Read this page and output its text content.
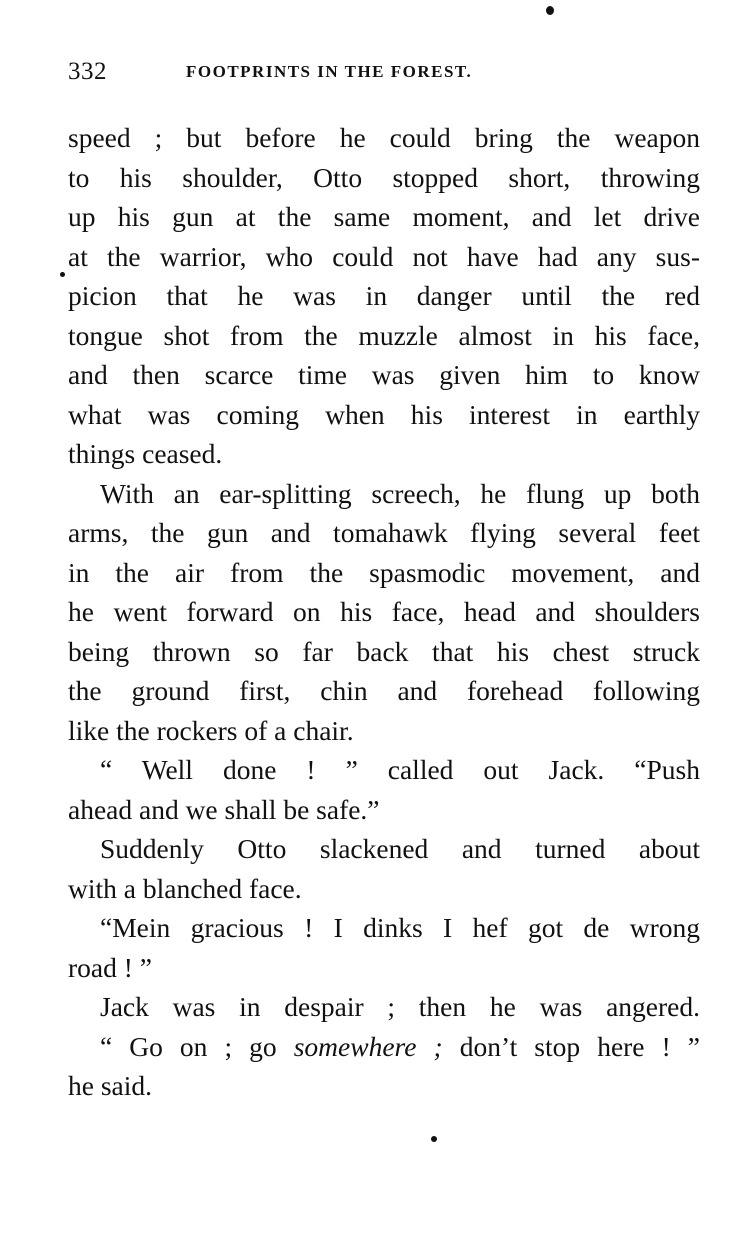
332	FOOTPRINTS IN THE FOREST.
speed ; but before he could bring the weapon
to his shoulder, Otto stopped short, throwing
up his gun at the same moment, and let drive
at the warrior, who could not have had any sus-
picion that he was in danger until the red
tongue shot from the muzzle almost in his face,
and then scarce time was given him to know
what was coming when his interest in earthly
things ceased.
With an ear-splitting screech, he flung up both
arms, the gun and tomahawk flying several feet
in the air from the spasmodic movement, and
he went forward on his face, head and shoulders
being thrown so far back that his chest struck
the ground first, chin and forehead following
like the rockers of a chair.
“ Well done ! ” called out Jack. “Push
ahead and we shall be safe.”
Suddenly Otto slackened and turned about
with a blanched face.
“Mein gracious ! I dinks I hef got de wrong
road ! ”
Jack was in despair ; then he was angered.
“ Go on ; go somewhere ; don’t stop here ! ”
he said.
